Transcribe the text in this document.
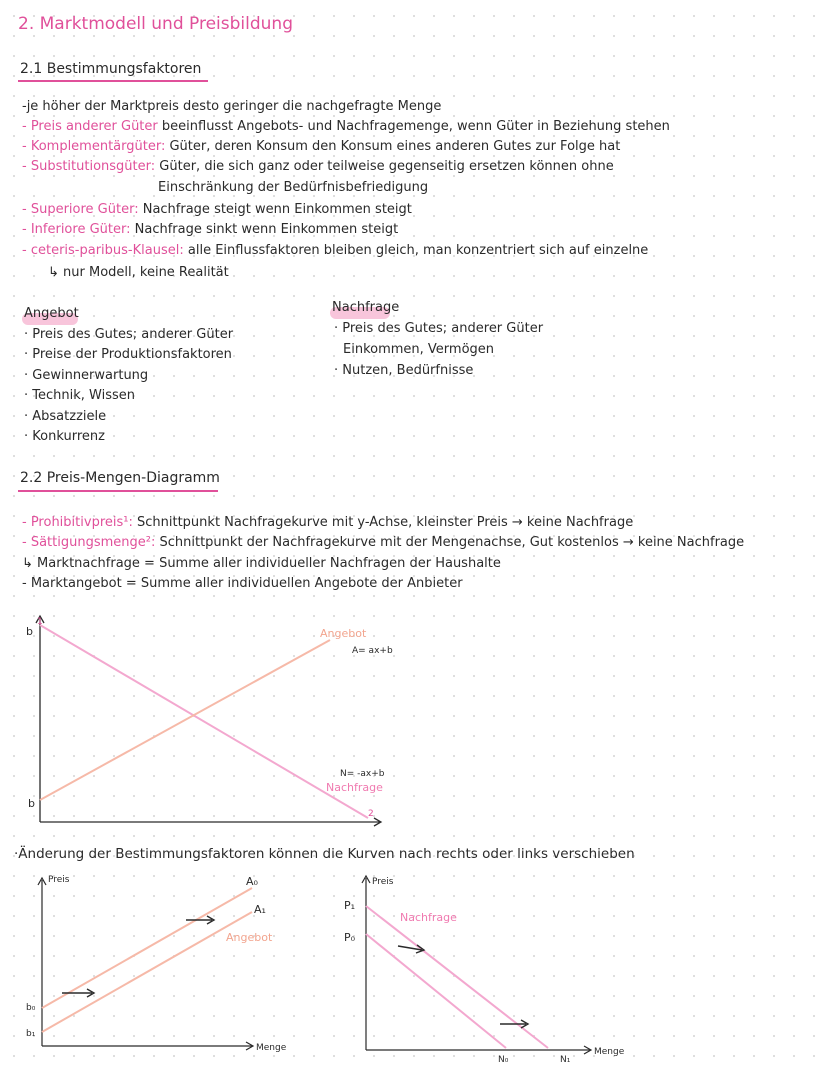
2. Marktmodell und Preisbildung
2.1 Bestimmungsfaktoren
-je höher der Marktpreis desto geringer die nachgefragte Menge
- Preis anderer Güter beeinflusst Angebots- und Nachfragemenge, wenn Güter in Beziehung stehen
- Komplementärgüter: Güter, deren Konsum den Konsum eines anderen Gutes zur Folge hat
- Substitutionsgüter: Güter, die sich ganz oder teilweise gegenseitig ersetzen können ohne
Einschränkung der Bedürfnisbefriedigung
- Superiore Güter: Nachfrage steigt wenn Einkommen steigt
- Inferiore Güter: Nachfrage sinkt wenn Einkommen steigt
- ceteris-paribus-Klausel: alle Einflussfaktoren bleiben gleich, man konzentriert sich auf einzelne
↳ nur Modell, keine Realität
Angebot
· Preis des Gutes; anderer Güter
· Preise der Produktionsfaktoren
· Gewinnerwartung
· Technik, Wissen
· Absatzziele
· Konkurrenz
Nachfrage
· Preis des Gutes; anderer Güter
Einkommen, Vermögen
· Nutzen, Bedürfnisse
2.2 Preis-Mengen-Diagramm
- Prohibitivpreis¹: Schnittpunkt Nachfragekurve mit y-Achse, kleinster Preis → keine Nachfrage
- Sättigungsmenge²: Schnittpunkt der Nachfragekurve mit der Mengenachse, Gut kostenlos → keine Nachfrage
↳ Marktnachfrage = Summe aller individueller Nachfragen der Haushalte
- Marktangebot = Summe aller individuellen Angebote der Anbieter
b
1
b
Angebot
A= ax+b
N= -ax+b
Nachfrage
2
·Änderung der Bestimmungsfaktoren können die Kurven nach rechts oder links verschieben
Preis
Menge
A₀
A₁
Angebot
b₀
b₁
Preis
Menge
P₁
P₀
Nachfrage
N₀	N₁
